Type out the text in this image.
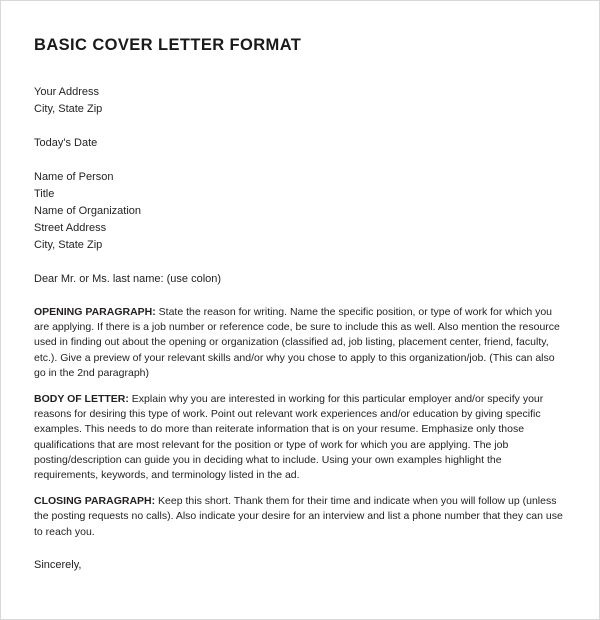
BASIC COVER LETTER FORMAT
Your Address
City, State Zip
Today's Date
Name of Person
Title
Name of Organization
Street Address
City, State Zip
Dear Mr. or Ms. last name: (use colon)

OPENING PARAGRAPH: State the reason for writing. Name the specific position, or type of work for which you are applying. If there is a job number or reference code, be sure to include this as well. Also mention the resource used in finding out about the opening or organization (classified ad, job listing, placement center, friend, faculty, etc.). Give a preview of your relevant skills and/or why you chose to apply to this organization/job. (This can also go in the 2nd paragraph)

BODY OF LETTER: Explain why you are interested in working for this particular employer and/or specify your reasons for desiring this type of work. Point out relevant work experiences and/or education by giving specific examples. This needs to do more than reiterate information that is on your resume. Emphasize only those qualifications that are most relevant for the position or type of work for which you are applying. The job posting/description can guide you in deciding what to include. Using your own examples highlight the requirements, keywords, and terminology listed in the ad.

CLOSING PARAGRAPH: Keep this short. Thank them for their time and indicate when you will follow up (unless the posting requests no calls). Also indicate your desire for an interview and list a phone number that they can use to reach you.

Sincerely,
